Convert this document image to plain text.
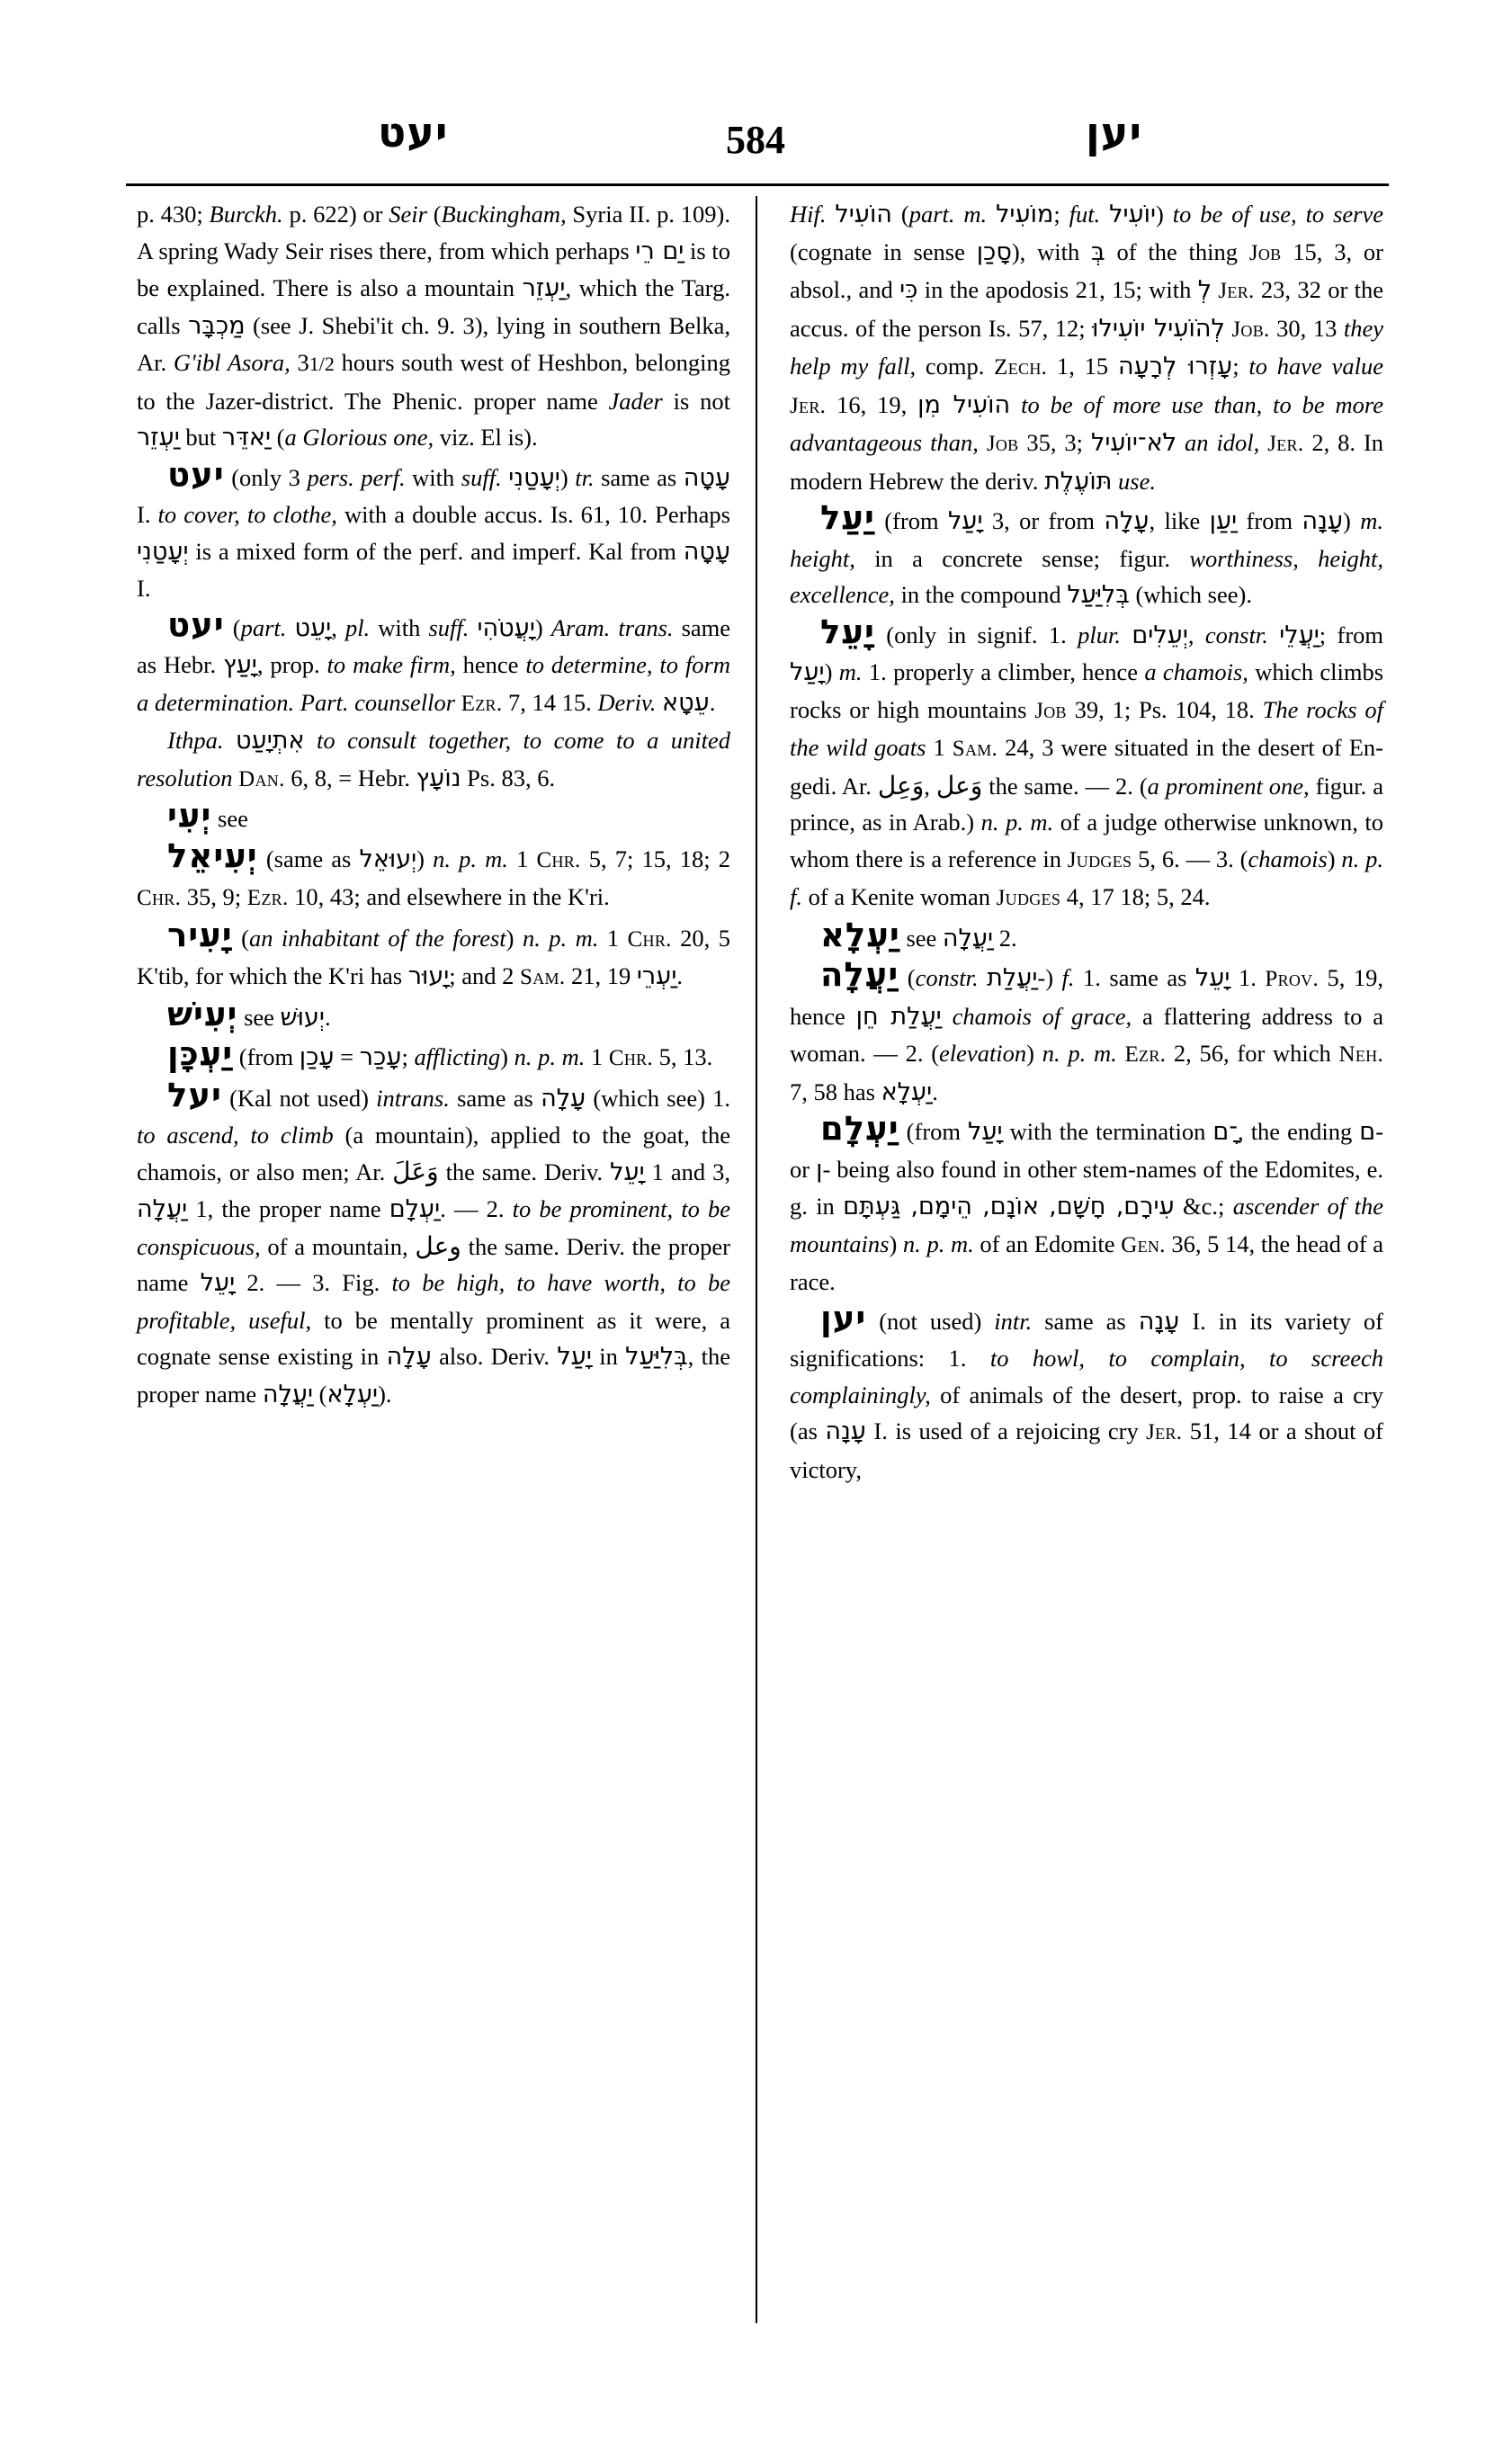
יעט	584	יען

p. 430; Burckh. p. 622) or Seir (Buckingham, Syria II. p. 109). A spring Wady Seir rises there, from which perhaps יַם רֵי is to be explained. There is also a mountain יַעְזֵר, which the Targ. calls מַכְבָּר (see J. Shebi'it ch. 9. 3), lying in southern Belka, Ar. G'ibl Asora, 31/2 hours south west of Heshbon, belonging to the Jazer-district. The Phenic. proper name Jader is not יַעְזֵר but יַאדֵּר (a Glorious one, viz. El is).

יעט (only 3 pers. perf. with suff. יְעָטַנִי) tr. same as עָטָה I. to cover, to clothe, with a double accus. Is. 61, 10. Perhaps יְעָטַנִי is a mixed form of the perf. and imperf. Kal from עָטָה I.

יעט (part. יָעֵט, pl. with suff. יָעֲטֹהִי) Aram. trans. same as Hebr. יָעַץ, prop. to make firm, hence to determine, to form a determination. Part. counsellor Ezr. 7, 14 15. Deriv. עֵטָא.

Ithpa. אִתְיָעַט to consult together, to come to a united resolution Dan. 6, 8, = Hebr. נוֹעָץ Ps. 83, 6.

יְעִי see

יְעִיאֵל (same as יְעוּאֵל) n. p. m. 1 Chr. 5, 7; 15, 18; 2 Chr. 35, 9; Ezr. 10, 43; and elsewhere in the K'ri.

יָעִיר (an inhabitant of the forest) n. p. m. 1 Chr. 20, 5 K'tib, for which the K'ri has יָעוּר; and 2 Sam. 21, 19 יַעְרֵי.

יְעִישׁ see יְעוּשׁ.

יַעְכָּן (from עָכַן = עָכַר; afflicting) n. p. m. 1 Chr. 5, 13.

יעל (Kal not used) intrans. same as עָלָה (which see) 1. to ascend, to climb (a mountain), applied to the goat, the chamois, or also men; Ar. وَعَلَ the same. Deriv. יָעֵל 1 and 3, יַעֲלָה 1, the proper name יַעְלָם. — 2. to be prominent, to be conspicuous, of a mountain, وعل the same. Deriv. the proper name יָעֵל 2. — 3. Fig. to be high, to have worth, to be profitable, useful, to be mentally prominent as it were, a cognate sense existing in עָלָה also. Deriv. יָעַל in בְּלִיַּעַל, the proper name יַעֲלָה (יַעְלָא).

Hif. הוֹעִיל (part. m. מוֹעִיל; fut. יוֹעִיל) to be of use, to serve (cognate in sense סָכַן), with בְּ of the thing Job 15, 3, or absol., and כִּי in the apodosis 21, 15; with לְ Jer. 23, 32 or the accus. of the person Is. 57, 12; לְהֹוֹעִיל יוֹעִילוּ Job. 30, 13 they help my fall, comp. Zech. 1, 15 עָזְרוּ לְרָעָה; to have value Jer. 16, 19, הוֹעִיל מִן to be of more use than, to be more advantageous than, Job 35, 3; לֹא־יוֹעִיל an idol, Jer. 2, 8. In modern Hebrew the deriv. תּוֹעֶלֶת use.

יַעַל (from יָעַל 3, or from עָלָה, like יַעַן from עָנָה) m. height, in a concrete sense; figur. worthiness, height, excellence, in the compound בְּלִיַּעַל (which see).

יָעֵל (only in signif. 1. plur. יְעֵלִים, constr. יַעֲלֵי; from יָעַל) m. 1. properly a climber, hence a chamois, which climbs rocks or high mountains Job 39, 1; Ps. 104, 18. The rocks of the wild goats 1 Sam. 24, 3 were situated in the desert of En-gedi. Ar. وَعِل, وَعل the same. — 2. (a prominent one, figur. a prince, as in Arab.) n. p. m. of a judge otherwise unknown, to whom there is a reference in Judges 5, 6. — 3. (chamois) n. p. f. of a Kenite woman Judges 4, 17 18; 5, 24.

יַעְלָא see יַעֲלָה 2.

יַעֲלָה (constr. יַעֲלַת-) f. 1. same as יָעֵל 1. Prov. 5, 19, hence יַעֲלַת חֵן chamois of grace, a flattering address to a woman. — 2. (elevation) n. p. m. Ezr. 2, 56, for which Neh. 7, 58 has יַעְלָא.

יַעְלָם (from יָעַל with the termination ־ָם, the ending ם- or ן- being also found in other stem-names of the Edomites, e. g. in עִירָם, חָשָׁם, אוֹנָם, הֵימָם, גַּעְתָּם &c.; ascender of the mountains) n. p. m. of an Edomite Gen. 36, 5 14, the head of a race.

יען (not used) intr. same as עָנָה I. in its variety of significations: 1. to howl, to complain, to screech complainingly, of animals of the desert, prop. to raise a cry (as עָנָה I. is used of a rejoicing cry Jer. 51, 14 or a shout of victory,
